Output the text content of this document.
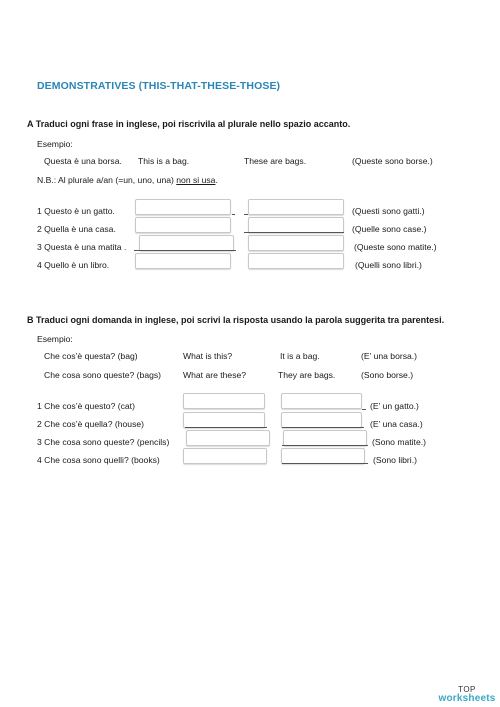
DEMONSTRATIVES (THIS-THAT-THESE-THOSE)
A Traduci ogni frase in inglese, poi riscrivila al plurale nello spazio accanto.
Esempio:
Questa è una borsa. This is a bag.	These are bags.	(Queste sono borse.)
N.B.: Al plurale a/an (=un, uno, una) non si usa.
1 Questo è un gatto.	(Questi sono gatti.)
2 Quella è una casa.	(Quelle sono case.)
3 Questa è una matita .	(Queste sono matite.)
4 Quello è un libro.	(Quelli sono libri.)
B Traduci ogni domanda in inglese, poi scrivi la risposta usando la parola suggerita tra parentesi.
Esempio:
Che cos’è questa? (bag)	What is this?	It is a bag.	(E’ una borsa.)
Che cosa sono queste? (bags)	What are these?	They are bags.	(Sono borse.)
1 Che cos’è questo? (cat)	(E’ un gatto.)
2 Che cos’è quella? (house)	(E’ una casa.)
3 Che cosa sono queste? (pencils)	(Sono matite.)
4 Che cosa sono quelli? (books)	(Sono libri.)
TOP
worksheets
